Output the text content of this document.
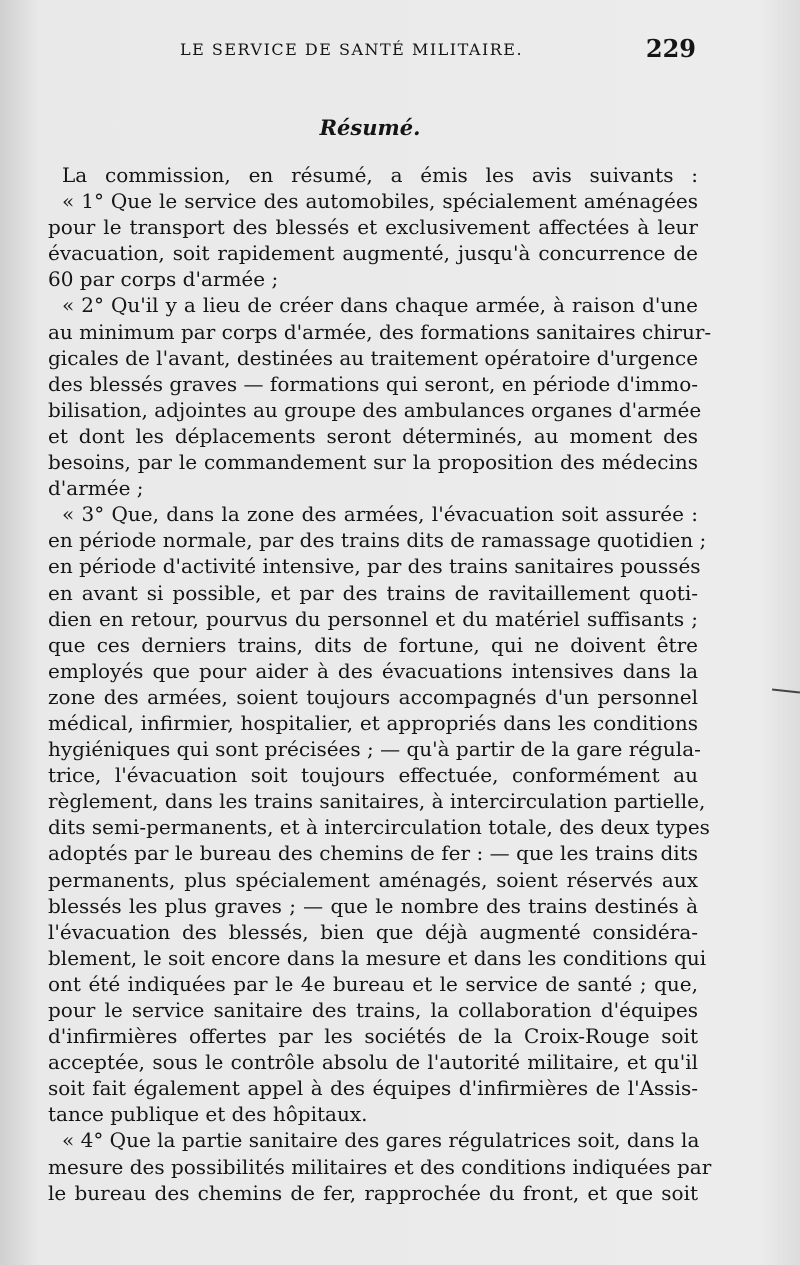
LE SERVICE DE SANTÉ MILITAIRE.	229
Résumé.
La commission, en résumé, a émis les avis suivants :
« 1° Que le service des automobiles, spécialement aménagées
pour le transport des blessés et exclusivement affectées à leur
évacuation, soit rapidement augmenté, jusqu'à concurrence de
60 par corps d'armée ;
« 2° Qu'il y a lieu de créer dans chaque armée, à raison d'une
au minimum par corps d'armée, des formations sanitaires chirur-
gicales de l'avant, destinées au traitement opératoire d'urgence
des blessés graves — formations qui seront, en période d'immo-
bilisation, adjointes au groupe des ambulances organes d'armée
et dont les déplacements seront déterminés, au moment des
besoins, par le commandement sur la proposition des médecins
d'armée ;
« 3° Que, dans la zone des armées, l'évacuation soit assurée :
en période normale, par des trains dits de ramassage quotidien ;
en période d'activité intensive, par des trains sanitaires poussés
en avant si possible, et par des trains de ravitaillement quoti-
dien en retour, pourvus du personnel et du matériel suffisants ;
que ces derniers trains, dits de fortune, qui ne doivent être
employés que pour aider à des évacuations intensives dans la
zone des armées, soient toujours accompagnés d'un personnel
médical, infirmier, hospitalier, et appropriés dans les conditions
hygiéniques qui sont précisées ; — qu'à partir de la gare régula-
trice, l'évacuation soit toujours effectuée, conformément au
règlement, dans les trains sanitaires, à intercirculation partielle,
dits semi-permanents, et à intercirculation totale, des deux types
adoptés par le bureau des chemins de fer : — que les trains dits
permanents, plus spécialement aménagés, soient réservés aux
blessés les plus graves ; — que le nombre des trains destinés à
l'évacuation des blessés, bien que déjà augmenté considéra-
blement, le soit encore dans la mesure et dans les conditions qui
ont été indiquées par le 4e bureau et le service de santé ; que,
pour le service sanitaire des trains, la collaboration d'équipes
d'infirmières offertes par les sociétés de la Croix-Rouge soit
acceptée, sous le contrôle absolu de l'autorité militaire, et qu'il
soit fait également appel à des équipes d'infirmières de l'Assis-
tance publique et des hôpitaux.
« 4° Que la partie sanitaire des gares régulatrices soit, dans la
mesure des possibilités militaires et des conditions indiquées par
le bureau des chemins de fer, rapprochée du front, et que soit
